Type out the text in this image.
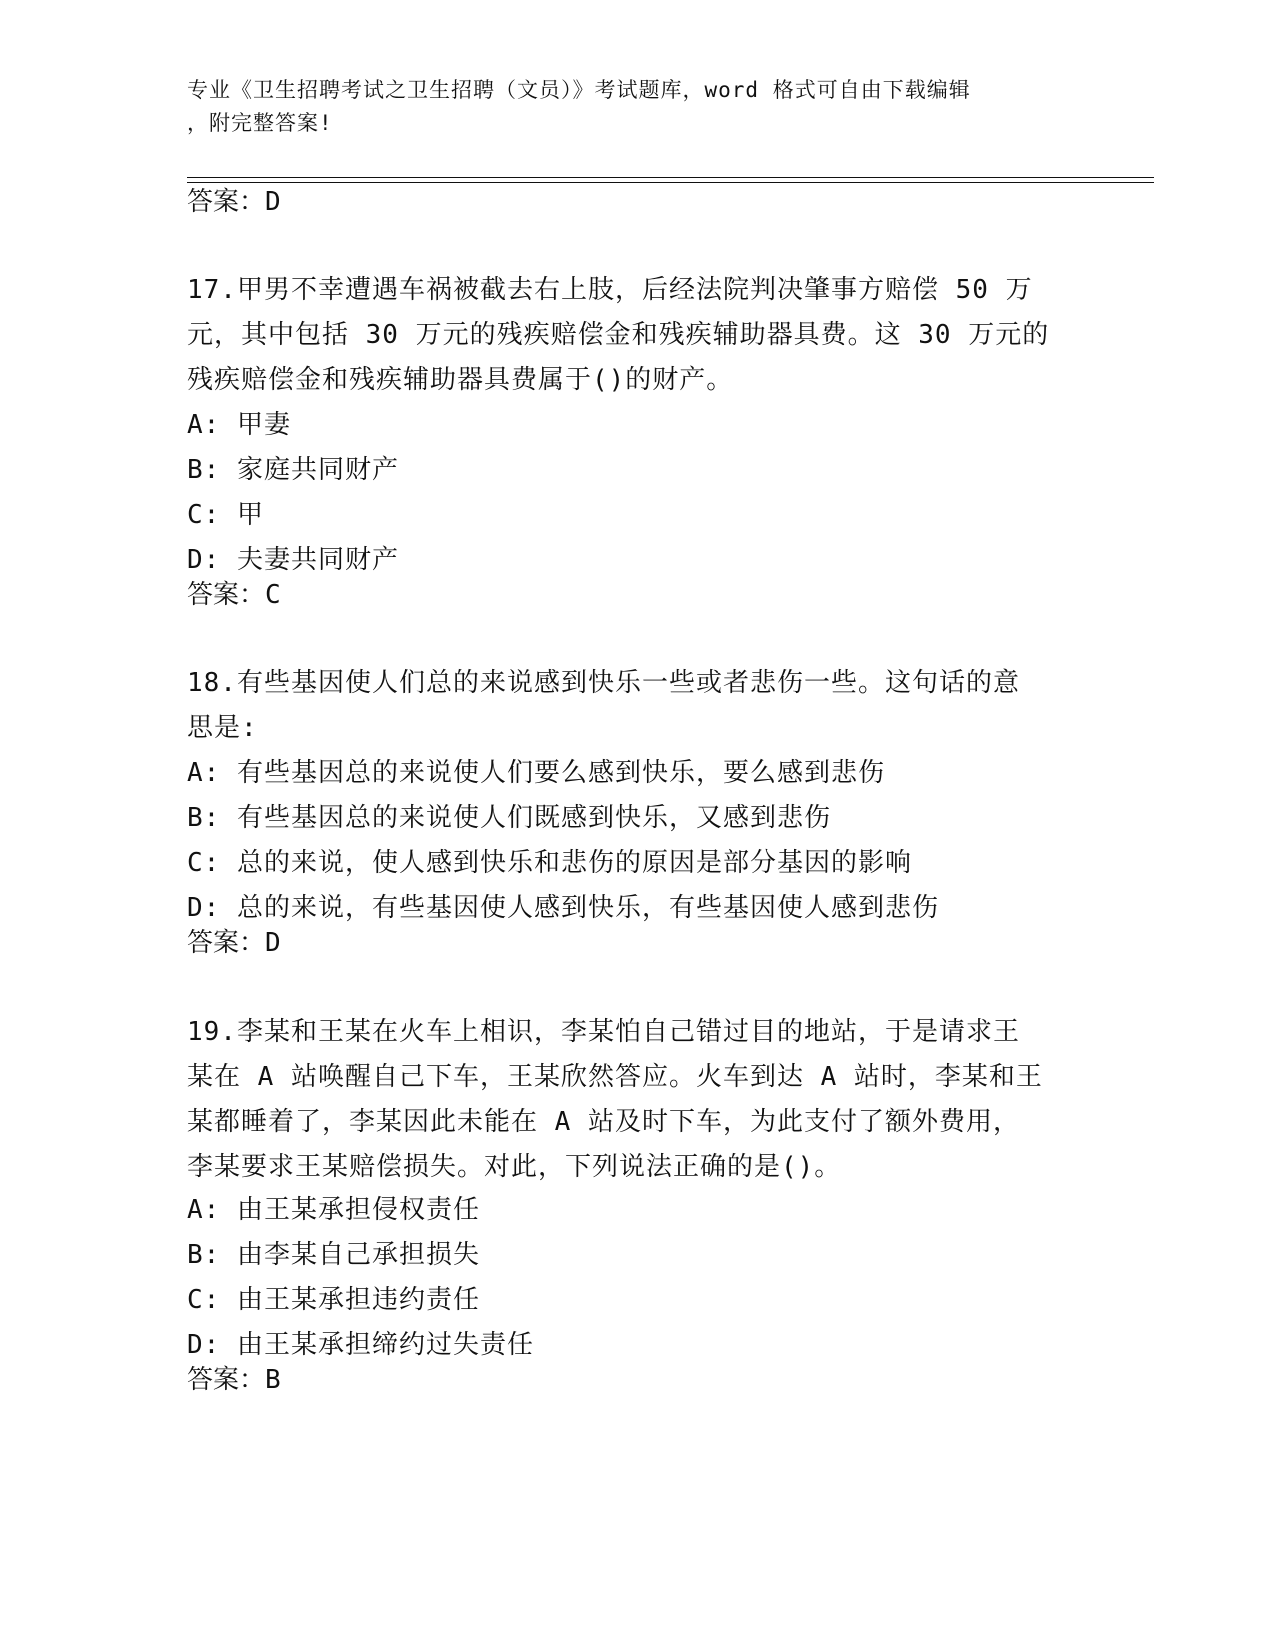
专业《卫生招聘考试之卫生招聘（文员）》考试题库，word 格式可自由下载编辑
，附完整答案!
答案：D
17.甲男不幸遭遇车祸被截去右上肢，后经法院判决肇事方赔偿 50 万
元，其中包括 30 万元的残疾赔偿金和残疾辅助器具费。这 30 万元的
残疾赔偿金和残疾辅助器具费属于()的财产。
A: 甲妻
B: 家庭共同财产
C: 甲
D: 夫妻共同财产
答案：C
18.有些基因使人们总的来说感到快乐一些或者悲伤一些。这句话的意
思是:
A: 有些基因总的来说使人们要么感到快乐，要么感到悲伤
B: 有些基因总的来说使人们既感到快乐，又感到悲伤
C: 总的来说，使人感到快乐和悲伤的原因是部分基因的影响
D: 总的来说，有些基因使人感到快乐，有些基因使人感到悲伤
答案：D
19.李某和王某在火车上相识，李某怕自己错过目的地站，于是请求王
某在 A 站唤醒自己下车，王某欣然答应。火车到达 A 站时，李某和王
某都睡着了，李某因此未能在 A 站及时下车，为此支付了额外费用，
李某要求王某赔偿损失。对此，下列说法正确的是()。
A: 由王某承担侵权责任
B: 由李某自己承担损失
C: 由王某承担违约责任
D: 由王某承担缔约过失责任
答案：B
